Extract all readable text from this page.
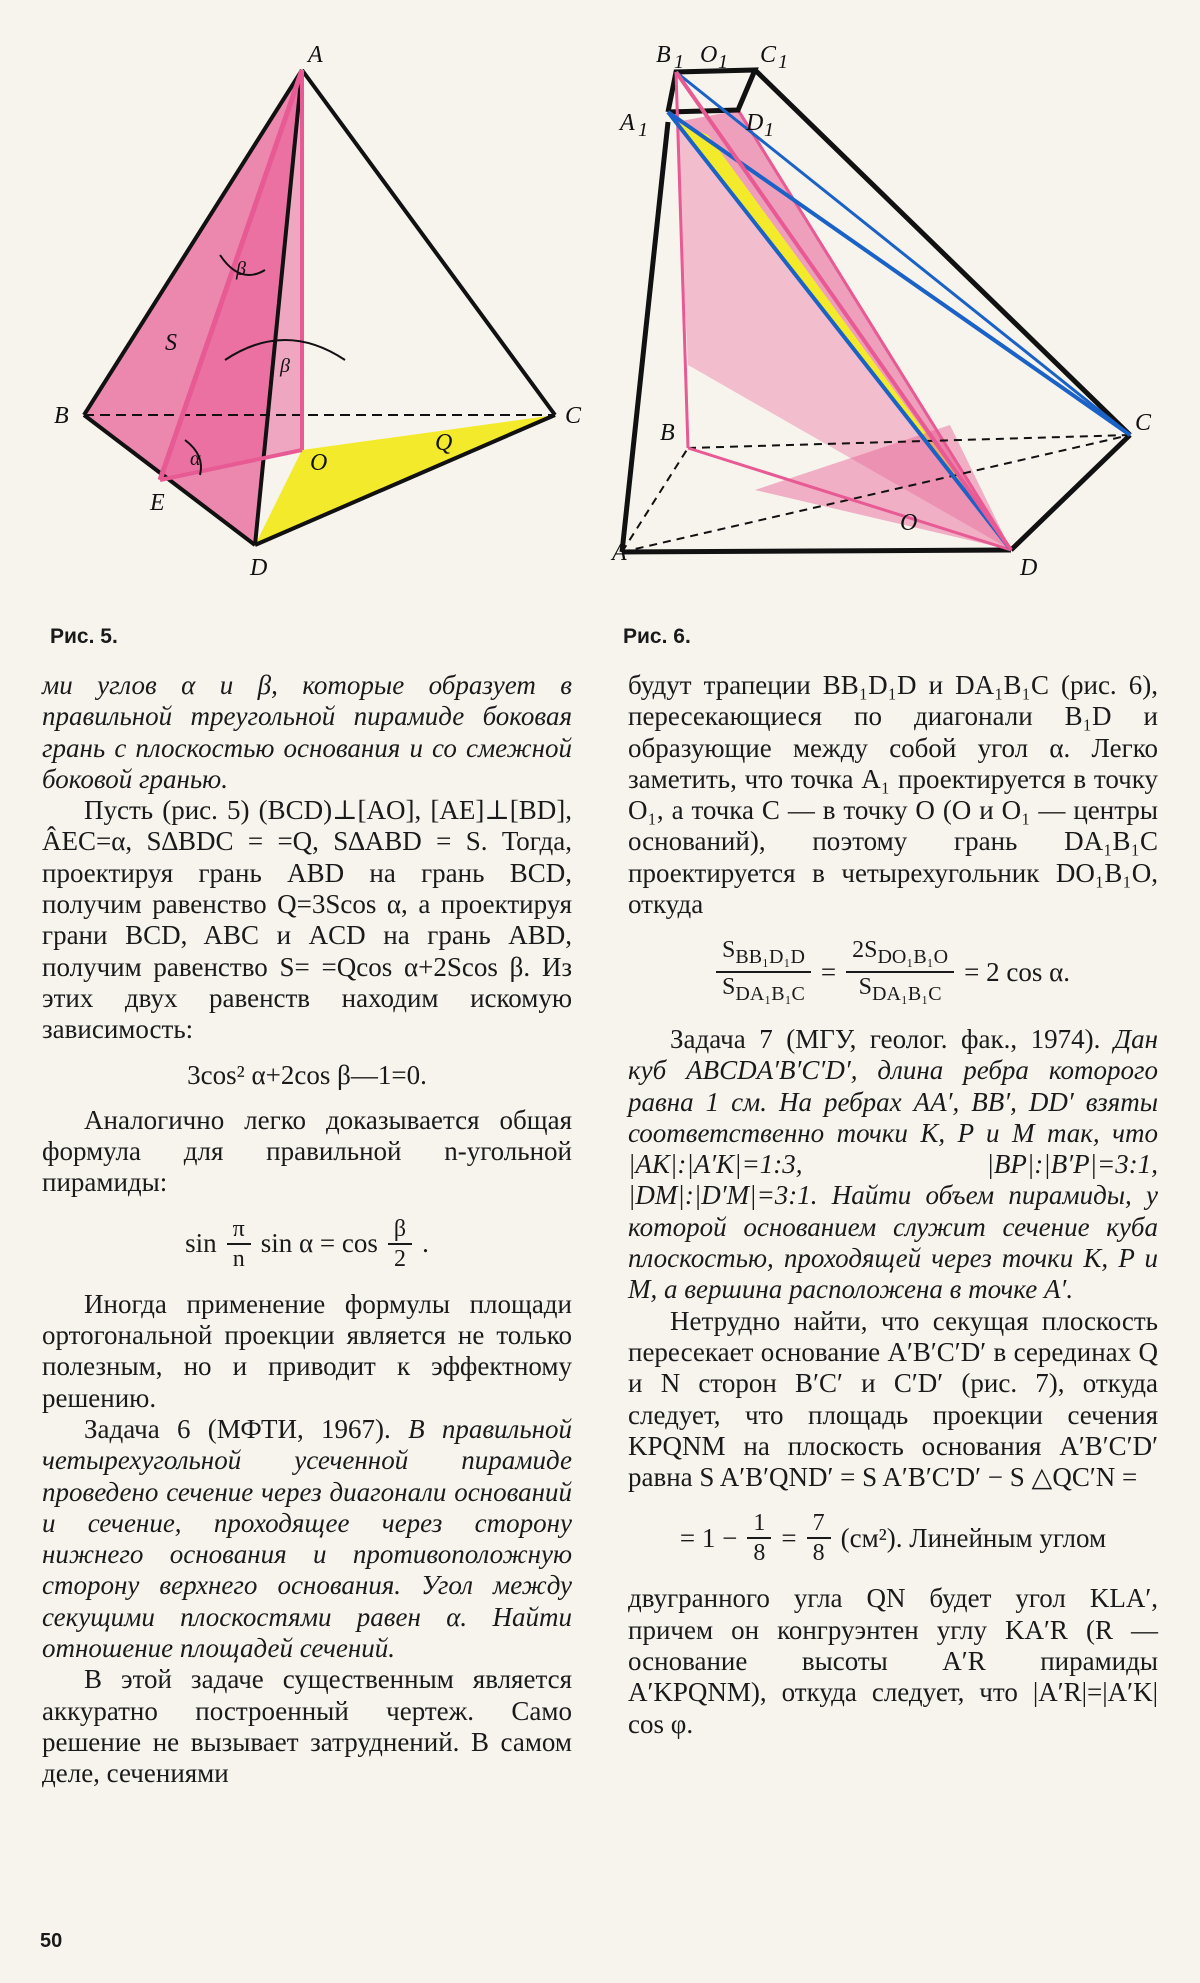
A
B	C
D
E
O
S
Q
β
β
α
Рис. 5.
A
B	C
D
O
A 1
B 1 O 1 C 1
D 1
Рис. 6.

ми углов α и β, которые образует в правильной треугольной пирамиде боковая грань с плоскостью основания и со смежной боковой гранью.

Пусть (рис. 5) (BCD)⊥[AO], [AE]⊥[BD], ÂEC=α, S∆BDC = =Q, S∆ABD = S. Тогда, проектируя грань ABD на грань BCD, получим равенство Q=3Scos α, а проектируя грани BCD, ABC и ACD на грань ABD, получим равенство S= =Qcos α+2Scos β. Из этих двух равенств находим искомую зависимость:

3cos² α+2cos β—1=0.

Аналогично легко доказывается общая формула для правильной n-угольной пирамиды:

$\sin \frac{\pi}{n}$ $\sin \alpha = \cos \frac{\beta}{2}$ .

Иногда применение формулы площади ортогональной проекции является не только полезным, но и приводит к эффектному решению.

Задача 6 (МФТИ, 1967). В правильной четырехугольной усеченной пирамиде проведено сечение через диагонали оснований и сечение, проходящее через сторону нижнего основания и противоположную сторону верхнего основания. Угол между секущими плоскостями равен α. Найти отношение площадей сечений.

В этой задаче существенным является аккуратно построенный чертеж. Само решение не вызывает затруднений. В самом деле, сечениями

будут трапеции BB₁D₁D и DA₁B₁C (рис. 6), пересекающиеся по диагонали B₁D и образующие между собой угол α. Легко заметить, что точка A₁ проектируется в точку O₁, а точка C — в точку O (O и O₁ — центры оснований), поэтому грань DA₁B₁C проектируется в четырехугольник DO₁B₁O, откуда

$\frac{S_{BB_1D_1D}}{S_{DA_1B_1C}} = \frac{2S_{DO_1B_1O}}{S_{DA_1B_1C}} = 2$ cos α.

Задача 7 (МГУ, геолог. фак., 1974). Дан куб ABCDA′B′C′D′, длина ребра которого равна 1 см. На ребрах AA′, BB′, DD′ взяты соответственно точки K, P и M так, что |AK|:|A′K|=1:3, |BP|:|B′P|=3:1, |DM|:|D′M|=3:1. Найти объем пирамиды, у которой основанием служит сечение куба плоскостью, проходящей через точки K, P и M, а вершина расположена в точке A′.

Нетрудно найти, что секущая плоскость пересекает основание A′B′C′D′ в серединах Q и N сторон B′C′ и C′D′ (рис. 7), откуда следует, что площадь проекции сечения KPQNM на плоскость основания A′B′C′D′ равна S A′B′QND′ = S A′B′C′D′ − S △QC′N =

= $1 - \frac{1}{8} = \frac{7}{8} (см^2)$. Линейным углом

двугранного угла QN будет угол KLA′, причем он конгруэнтен углу KA′R (R — основание высоты A′R пирамиды A′KPQNM), откуда следует, что |A′R|=|A′K| cos φ.

50
